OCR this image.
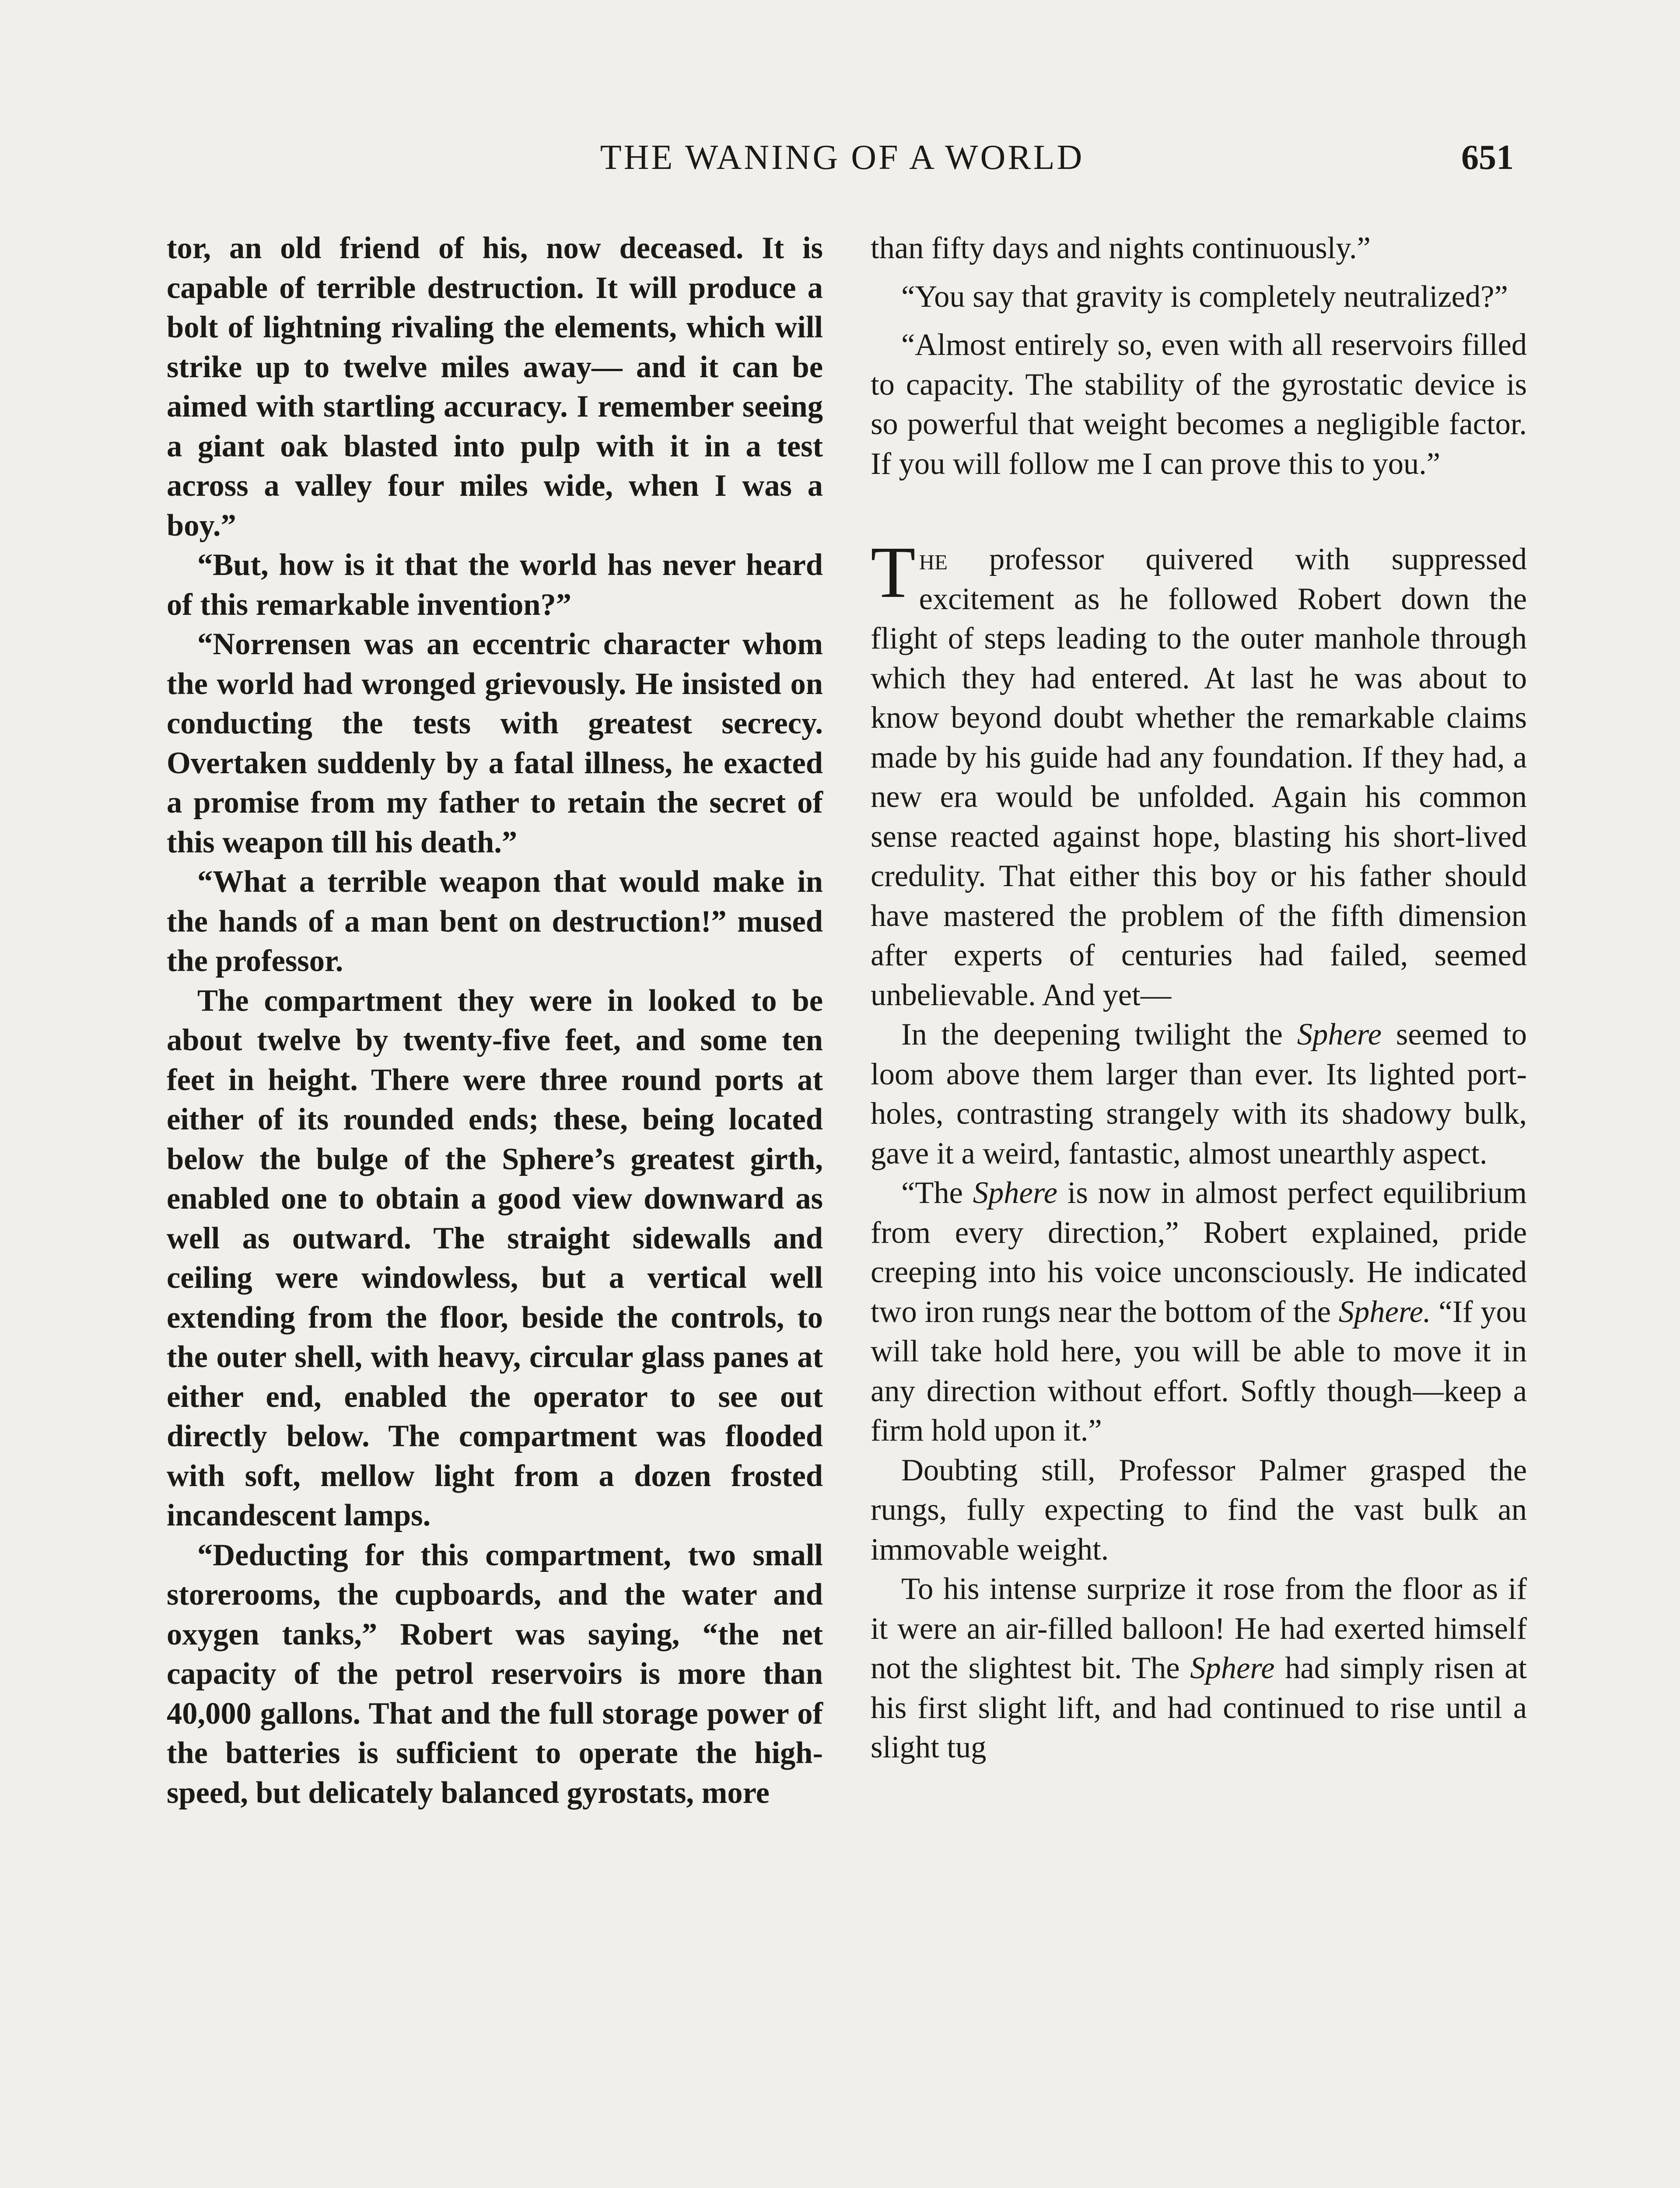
THE WANING OF A WORLD	651

tor, an old friend of his, now deceased. It is capable of terrible destruction. It will produce a bolt of lightning rivaling the elements, which will strike up to twelve miles away— and it can be aimed with startling accuracy. I remember seeing a giant oak blasted into pulp with it in a test across a valley four miles wide, when I was a boy.”

“But, how is it that the world has never heard of this remarkable invention?”

“Norrensen was an eccentric character whom the world had wronged grievously. He insisted on conducting the tests with greatest secrecy. Overtaken suddenly by a fatal illness, he exacted a promise from my father to retain the secret of this weapon till his death.”

“What a terrible weapon that would make in the hands of a man bent on destruction!” mused the professor.

The compartment they were in looked to be about twelve by twenty-five feet, and some ten feet in height. There were three round ports at either of its rounded ends; these, being located below the bulge of the Sphere’s greatest girth, enabled one to obtain a good view downward as well as outward. The straight sidewalls and ceiling were windowless, but a vertical well extending from the floor, beside the controls, to the outer shell, with heavy, circular glass panes at either end, enabled the operator to see out directly below. The compartment was flooded with soft, mellow light from a dozen frosted incandescent lamps.

“Deducting for this compartment, two small storerooms, the cupboards, and the water and oxygen tanks,” Robert was saying, “the net capacity of the petrol reservoirs is more than 40,000 gallons. That and the full storage power of the batteries is sufficient to operate the high-speed, but delicately balanced gyrostats, more

than fifty days and nights continuously.”

“You say that gravity is completely neutralized?”

“Almost entirely so, even with all reservoirs filled to capacity. The stability of the gyrostatic device is so powerful that weight becomes a negligible factor. If you will follow me I can prove this to you.”

The professor quivered with suppressed excitement as he followed Robert down the flight of steps leading to the outer manhole through which they had entered. At last he was about to know beyond doubt whether the remarkable claims made by his guide had any foundation. If they had, a new era would be unfolded. Again his common sense reacted against hope, blasting his short-lived credulity. That either this boy or his father should have mastered the problem of the fifth dimension after experts of centuries had failed, seemed unbelievable. And yet—

In the deepening twilight the Sphere seemed to loom above them larger than ever. Its lighted portholes, contrasting strangely with its shadowy bulk, gave it a weird, fantastic, almost unearthly aspect.

“The Sphere is now in almost perfect equilibrium from every direction,” Robert explained, pride creeping into his voice unconsciously. He indicated two iron rungs near the bottom of the Sphere. “If you will take hold here, you will be able to move it in any direction without effort. Softly though—keep a firm hold upon it.”

Doubting still, Professor Palmer grasped the rungs, fully expecting to find the vast bulk an immovable weight.

To his intense surprize it rose from the floor as if it were an air-filled balloon! He had exerted himself not the slightest bit. The Sphere had simply risen at his first slight lift, and had continued to rise until a slight tug
